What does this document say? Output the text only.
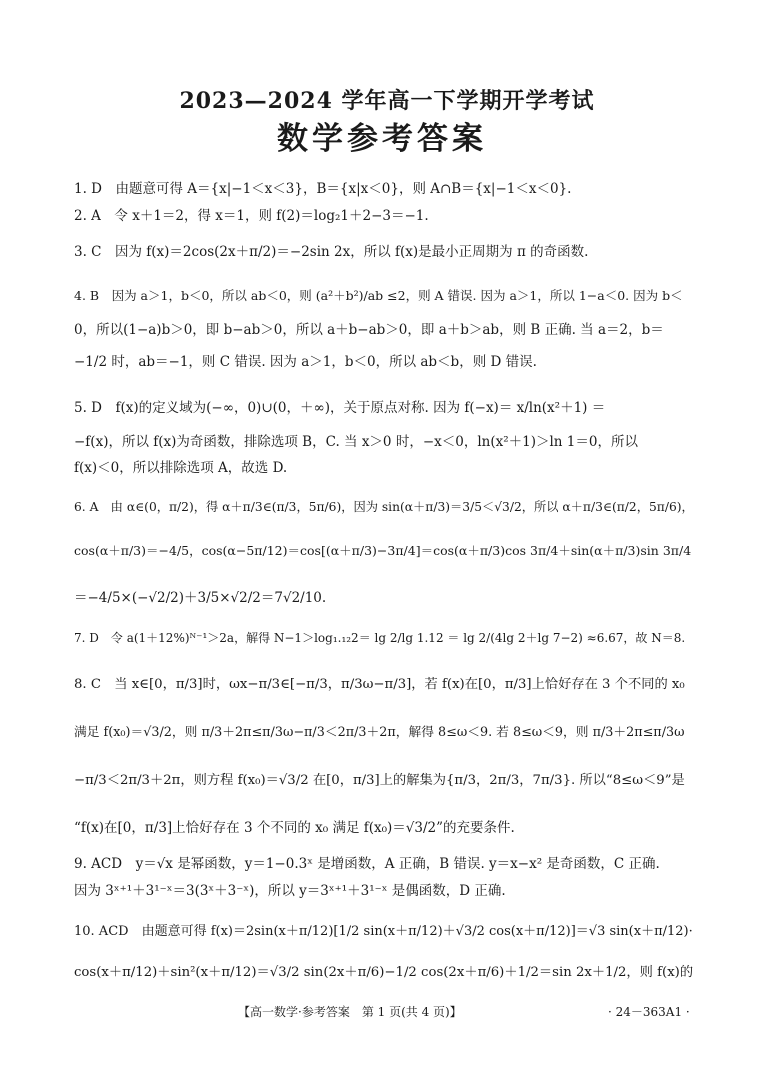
2023—2024 学年高一下学期开学考试
数学参考答案
1. D　由题意可得 A＝{x|−1＜x＜3}，B＝{x|x＜0}，则 A∩B＝{x|−1＜x＜0}.
2. A　令 x＋1＝2，得 x＝1，则 f(2)＝log₂1＋2−3＝−1.
3. C　因为 f(x)＝2cos(2x＋π/2)＝−2sin 2x，所以 f(x)是最小正周期为 π 的奇函数.
4. B　因为 a＞1，b＜0，所以 ab＜0，则 (a²＋b²)/ab ≤2，则 A 错误. 因为 a＞1，所以 1−a＜0. 因为 b＜
0，所以(1−a)b＞0，即 b−ab＞0，所以 a＋b−ab＞0，即 a＋b＞ab，则 B 正确. 当 a＝2，b＝
−1/2 时，ab＝−1，则 C 错误. 因为 a＞1，b＜0，所以 ab＜b，则 D 错误.
5. D　f(x)的定义域为(−∞，0)∪(0，＋∞)，关于原点对称. 因为 f(−x)＝ x/ln(x²＋1) ＝
−f(x)，所以 f(x)为奇函数，排除选项 B，C. 当 x＞0 时，−x＜0，ln(x²＋1)＞ln 1＝0，所以
f(x)＜0，所以排除选项 A，故选 D.
6. A　由 α∈(0，π/2)，得 α＋π/3∈(π/3，5π/6)，因为 sin(α＋π/3)＝3/5＜√3/2，所以 α＋π/3∈(π/2，5π/6)，
cos(α＋π/3)＝−4/5，cos(α−5π/12)＝cos[(α＋π/3)−3π/4]＝cos(α＋π/3)cos 3π/4＋sin(α＋π/3)sin 3π/4
＝−4/5×(−√2/2)＋3/5×√2/2＝7√2/10.
7. D　令 a(1＋12%)ᴺ⁻¹＞2a，解得 N−1＞log₁.₁₂2＝ lg 2/lg 1.12 ＝ lg 2/(4lg 2＋lg 7−2) ≈6.67，故 N＝8.
8. C　当 x∈[0，π/3]时，ωx−π/3∈[−π/3，π/3ω−π/3]，若 f(x)在[0，π/3]上恰好存在 3 个不同的 x₀
满足 f(x₀)＝√3/2，则 π/3＋2π≤π/3ω−π/3＜2π/3＋2π，解得 8≤ω＜9. 若 8≤ω＜9，则 π/3＋2π≤π/3ω
−π/3＜2π/3＋2π，则方程 f(x₀)＝√3/2 在[0，π/3]上的解集为{π/3，2π/3，7π/3}. 所以“8≤ω＜9”是
“f(x)在[0，π/3]上恰好存在 3 个不同的 x₀ 满足 f(x₀)＝√3/2”的充要条件.
9. ACD　y＝√x 是幂函数，y＝1−0.3ˣ 是增函数，A 正确，B 错误. y＝x−x² 是奇函数，C 正确.
因为 3ˣ⁺¹＋3¹⁻ˣ＝3(3ˣ＋3⁻ˣ)，所以 y＝3ˣ⁺¹＋3¹⁻ˣ 是偶函数，D 正确.
10. ACD　由题意可得 f(x)＝2sin(x＋π/12)[1/2 sin(x＋π/12)＋√3/2 cos(x＋π/12)]＝√3 sin(x＋π/12)·
cos(x＋π/12)＋sin²(x＋π/12)＝√3/2 sin(2x＋π/6)−1/2 cos(2x＋π/6)＋1/2＝sin 2x＋1/2，则 f(x)的
【高一数学·参考答案　第 1 页(共 4 页)】	· 24－363A1 ·
